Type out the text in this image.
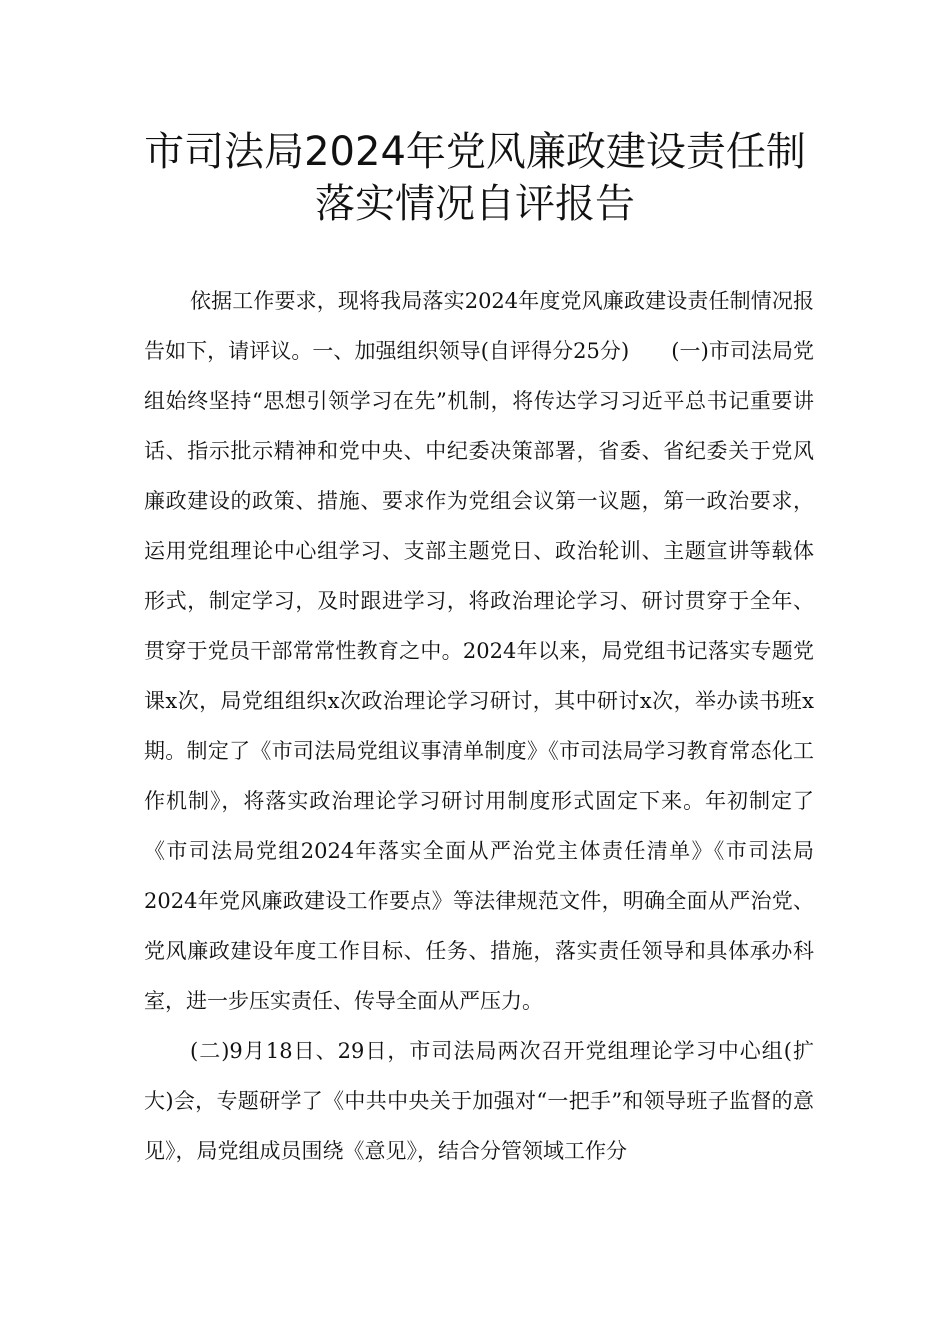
市司法局2024年党风廉政建设责任制
落实情况自评报告

依据工作要求，现将我局落实2024年度党风廉政建设责任制情况报告如下，请评议。一、加强组织领导(自评得分25分)　　(一)市司法局党组始终坚持“思想引领学习在先”机制，将传达学习习近平总书记重要讲话、指示批示精神和党中央、中纪委决策部署，省委、省纪委关于党风廉政建设的政策、措施、要求作为党组会议第一议题，第一政治要求，运用党组理论中心组学习、支部主题党日、政治轮训、主题宣讲等载体形式，制定学习，及时跟进学习，将政治理论学习、研讨贯穿于全年、贯穿于党员干部常常性教育之中。2024年以来，局党组书记落实专题党课x次，局党组组织x次政治理论学习研讨，其中研讨x次，举办读书班x期。制定了《市司法局党组议事清单制度》《市司法局学习教育常态化工作机制》，将落实政治理论学习研讨用制度形式固定下来。年初制定了《市司法局党组2024年落实全面从严治党主体责任清单》《市司法局2024年党风廉政建设工作要点》等法律规范文件，明确全面从严治党、党风廉政建设年度工作目标、任务、措施，落实责任领导和具体承办科室，进一步压实责任、传导全面从严压力。

(二)9月18日、29日，市司法局两次召开党组理论学习中心组(扩大)会，专题研学了《中共中央关于加强对“一把手”和领导班子监督的意见》，局党组成员围绕《意见》，结合分管领域工作分
